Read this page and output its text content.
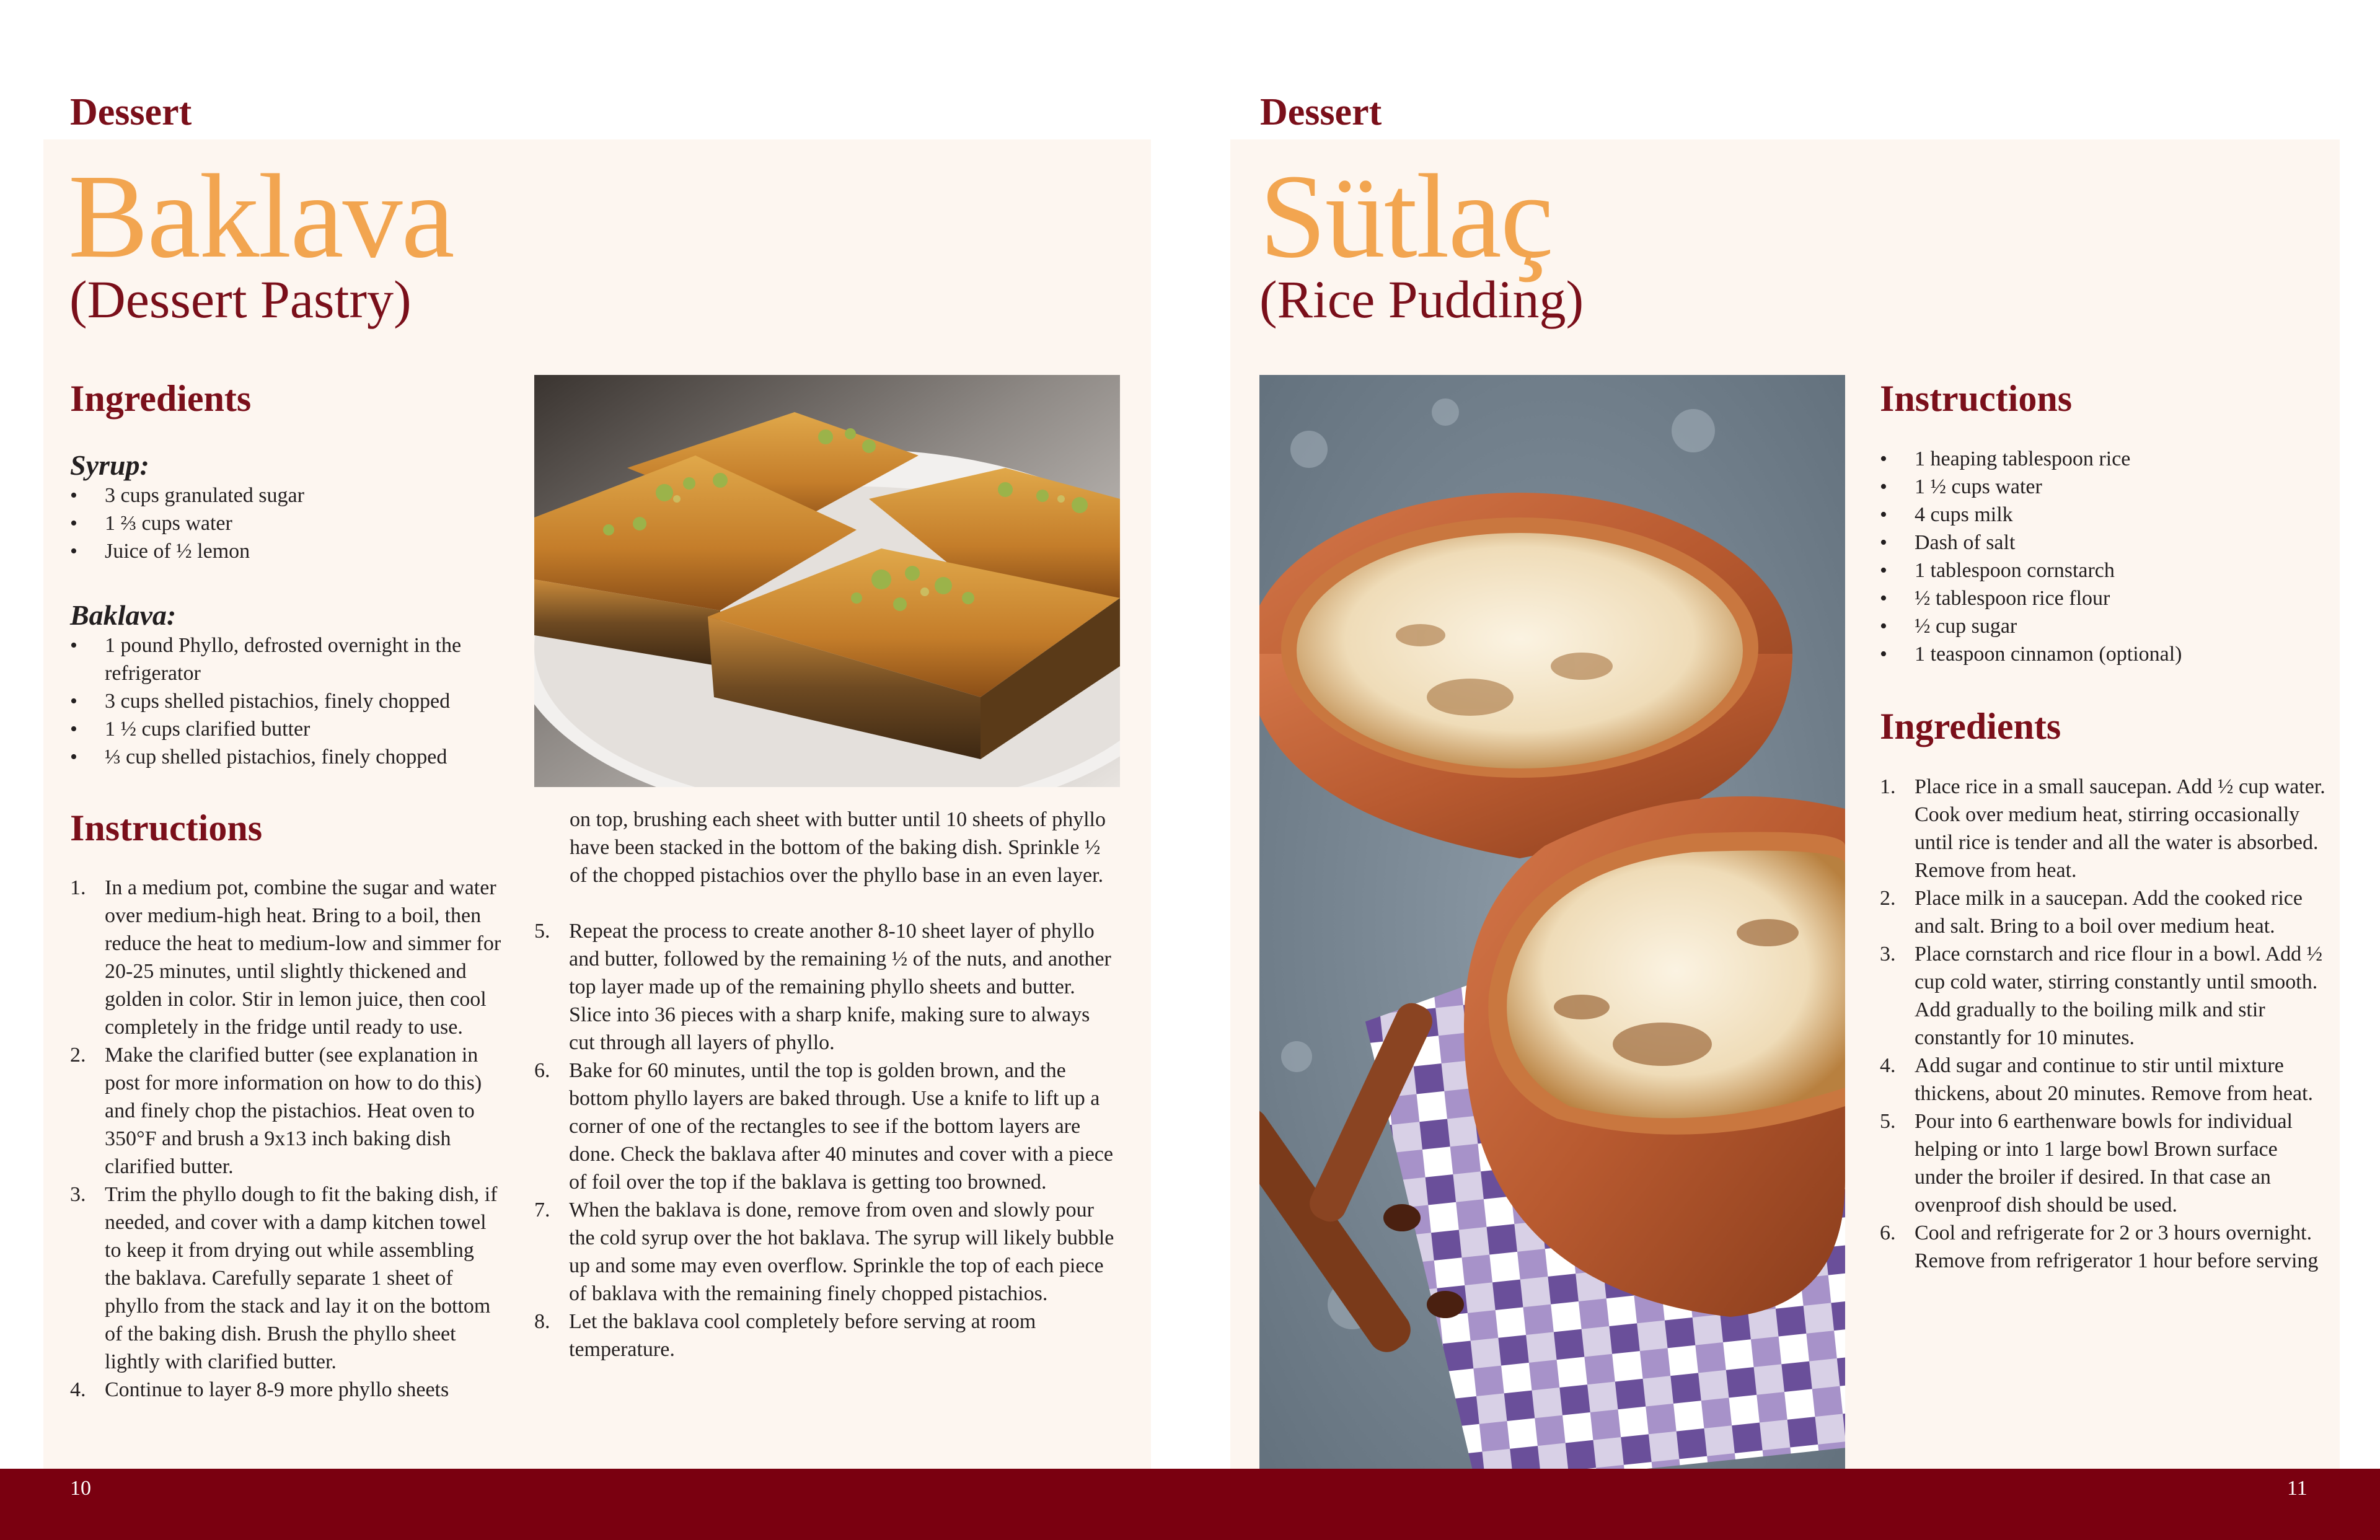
Dessert
Baklava
(Dessert Pastry)
Ingredients
Syrup:
• 3 cups granulated sugar
• 1 ⅔ cups water
• Juice of ½ lemon
Baklava:
• 1 pound Phyllo, defrosted overnight in the refrigerator
• 3 cups shelled pistachios, finely chopped
• 1 ½ cups clarified butter
• ⅓ cup shelled pistachios, finely chopped
Instructions
1. In a medium pot, combine the sugar and water over medium-high heat. Bring to a boil, then reduce the heat to medium-low and simmer for 20-25 minutes, until slightly thickened and golden in color. Stir in lemon juice, then cool completely in the fridge until ready to use.
2. Make the clarified butter (see explanation in post for more information on how to do this) and finely chop the pistachios. Heat oven to 350°F and brush a 9x13 inch baking dish clarified butter.
3. Trim the phyllo dough to fit the baking dish, if needed, and cover with a damp kitchen towel to keep it from drying out while assembling the baklava. Carefully separate 1 sheet of phyllo from the stack and lay it on the bottom of the baking dish. Brush the phyllo sheet lightly with clarified butter.
4. Continue to layer 8-9 more phyllo sheets
on top, brushing each sheet with butter until 10 sheets of phyllo have been stacked in the bottom of the baking dish. Sprinkle ½ of the chopped pistachios over the phyllo base in an even layer.
5. Repeat the process to create another 8-10 sheet layer of phyllo and butter, followed by the remaining ½ of the nuts, and another top layer made up of the remaining phyllo sheets and butter. Slice into 36 pieces with a sharp knife, making sure to always cut through all layers of phyllo.
6. Bake for 60 minutes, until the top is golden brown, and the bottom phyllo layers are baked through. Use a knife to lift up a corner of one of the rectangles to see if the bottom layers are done. Check the baklava after 40 minutes and cover with a piece of foil over the top if the baklava is getting too browned.
7. When the baklava is done, remove from oven and slowly pour the cold syrup over the hot baklava. The syrup will likely bubble up and some may even overflow. Sprinkle the top of each piece of baklava with the remaining finely chopped pistachios.
8. Let the baklava cool completely before serving at room temperature.
Dessert
Sütlaç
(Rice Pudding)
Instructions
• 1 heaping tablespoon rice
• 1 ½ cups water
• 4 cups milk
• Dash of salt
• 1 tablespoon cornstarch
• ½ tablespoon rice flour
• ½ cup sugar
• 1 teaspoon cinnamon (optional)
Ingredients
1. Place rice in a small saucepan. Add ½ cup water. Cook over medium heat, stirring occasionally until rice is tender and all the water is absorbed. Remove from heat.
2. Place milk in a saucepan. Add the cooked rice and salt. Bring to a boil over medium heat.
3. Place cornstarch and rice flour in a bowl. Add ½ cup cold water, stirring constantly until smooth. Add gradually to the boiling milk and stir constantly for 10 minutes.
4. Add sugar and continue to stir until mixture thickens, about 20 minutes. Remove from heat.
5. Pour into 6 earthenware bowls for individual helping or into 1 large bowl Brown surface under the broiler if desired. In that case an ovenproof dish should be used.
6. Cool and refrigerate for 2 or 3 hours overnight. Remove from refrigerator 1 hour before serving
10	11
